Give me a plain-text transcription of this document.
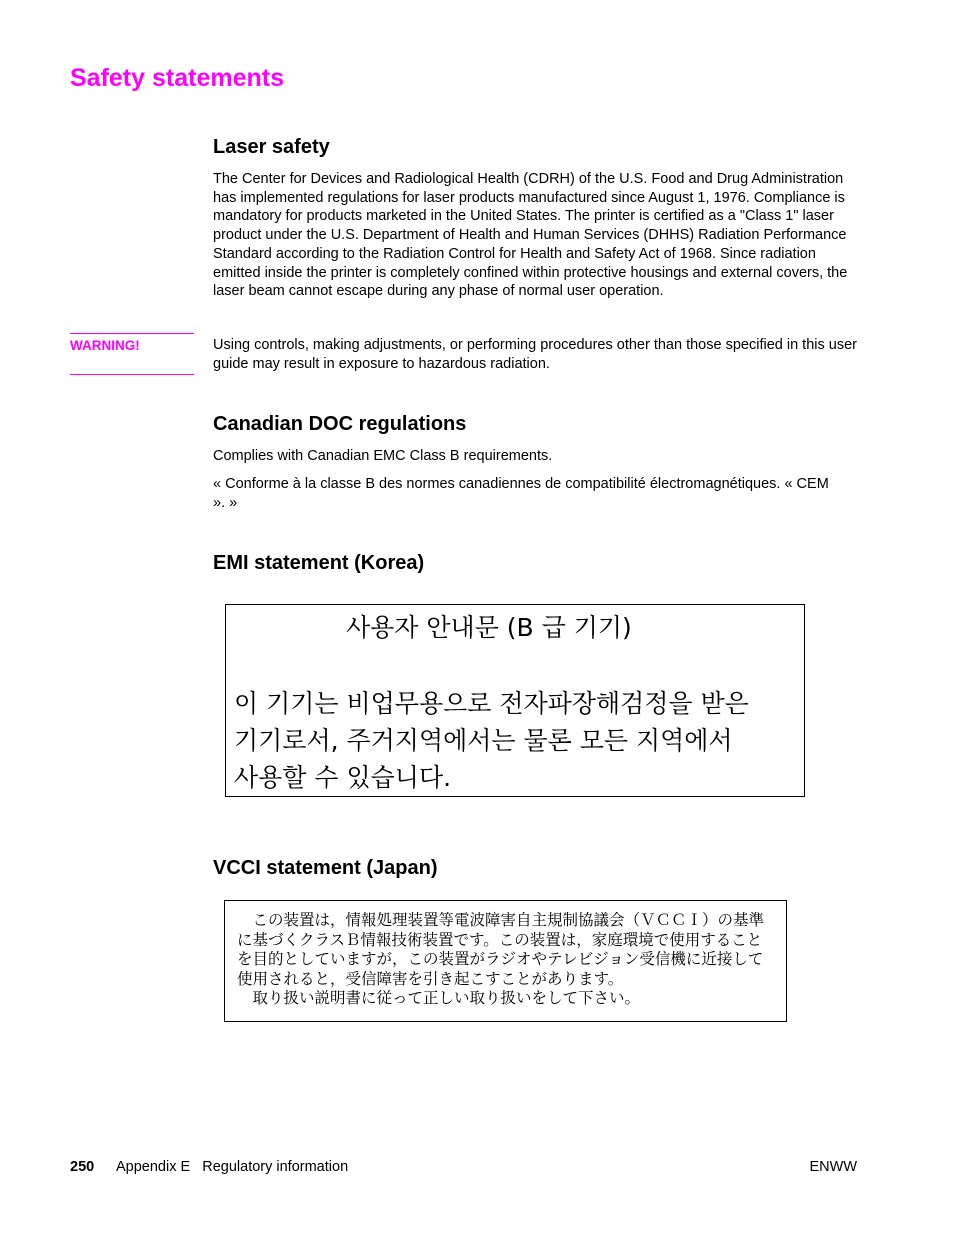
Safety statements
Laser safety

The Center for Devices and Radiological Health (CDRH) of the U.S. Food and Drug Administration has implemented regulations for laser products manufactured since August 1, 1976. Compliance is mandatory for products marketed in the United States. The printer is certified as a "Class 1" laser product under the U.S. Department of Health and Human Services (DHHS) Radiation Performance Standard according to the Radiation Control for Health and Safety Act of 1968. Since radiation emitted inside the printer is completely confined within protective housings and external covers, the laser beam cannot escape during any phase of normal user operation.

WARNING!	Using controls, making adjustments, or performing procedures other than those specified in this user guide may result in exposure to hazardous radiation.

Canadian DOC regulations

Complies with Canadian EMC Class B requirements.

« Conforme à la classe B des normes canadiennes de compatibilité électromagnétiques. « CEM ». »

EMI statement (Korea)
사용자 안내문 (B 급 기기)
이 기기는 비업무용으로 전자파장해검정을 받은
기기로서, 주거지역에서는 물론 모든 지역에서
사용할 수 있습니다.
VCCI statement (Japan)
　この装置は，情報処理装置等電波障害自主規制協議会（ＶＣＣＩ）の基準
に基づくクラスＢ情報技術装置です。この装置は，家庭環境で使用すること
を目的としていますが，この装置がラジオやテレビジョン受信機に近接して
使用されると，受信障害を引き起こすことがあります。
　取り扱い説明書に従って正しい取り扱いをして下さい。
250 Appendix E   Regulatory information	ENWW
